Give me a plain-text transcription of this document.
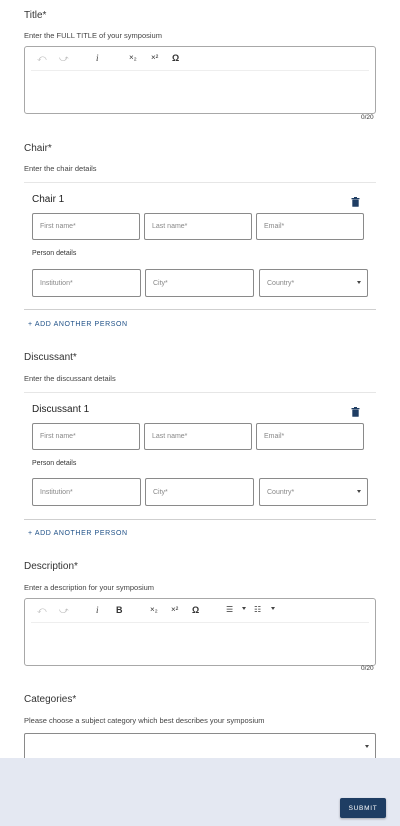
Title*
Enter the FULL TITLE of your symposium
⤺ ⤻	i	×₂ ×² Ω
0/20
Chair*
Enter the chair details
Chair 1
First name*	Last name*	Email*
Person details
Institution*	City*	Country*
+ ADD ANOTHER PERSON
Discussant*
Enter the discussant details
Discussant 1
First name*	Last name*	Email*
Person details
Institution*	City*	Country*
+ ADD ANOTHER PERSON
Description*
Enter a description for your symposium
⤺ ⤻	i B	×₂ ×² Ω	☰	☷
0/20
Categories*
Please choose a subject category which best describes your symposium
SUBMIT
